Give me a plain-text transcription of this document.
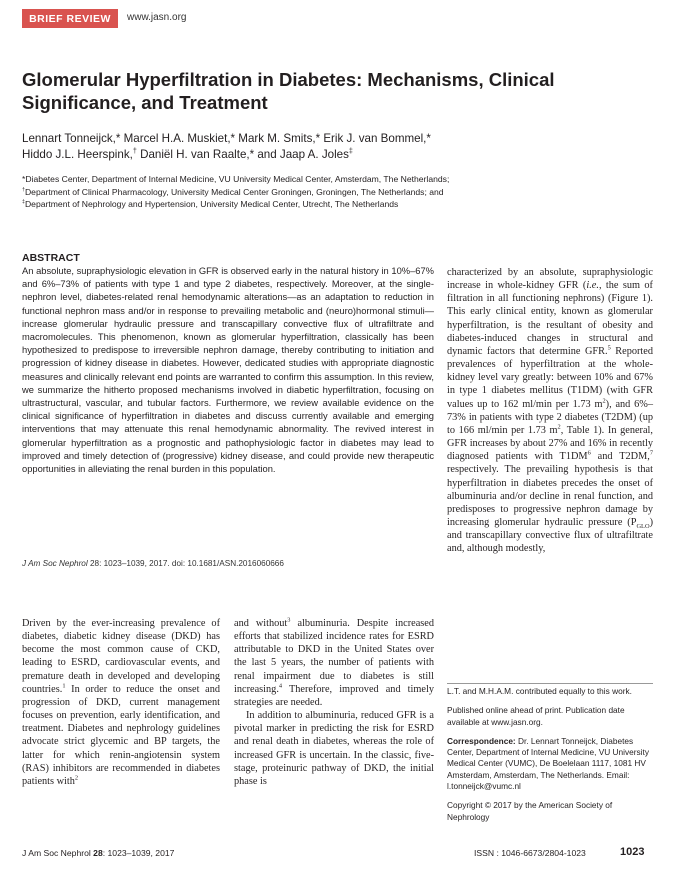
BRIEF REVIEW	www.jasn.org
Glomerular Hyperfiltration in Diabetes: Mechanisms, Clinical Significance, and Treatment
Lennart Tonneijck,* Marcel H.A. Muskiet,* Mark M. Smits,* Erik J. van Bommel,*
Hiddo J.L. Heerspink,† Daniël H. van Raalte,* and Jaap A. Joles‡
*Diabetes Center, Department of Internal Medicine, VU University Medical Center, Amsterdam, The Netherlands;
†Department of Clinical Pharmacology, University Medical Center Groningen, Groningen, The Netherlands; and
‡Department of Nephrology and Hypertension, University Medical Center, Utrecht, The Netherlands
ABSTRACT
An absolute, supraphysiologic elevation in GFR is observed early in the natural history in 10%–67% and 6%–73% of patients with type 1 and type 2 diabetes, respectively. Moreover, at the single-nephron level, diabetes-related renal hemodynamic alterations—as an adaptation to reduction in functional nephron mass and/or in response to prevailing metabolic and (neuro)hormonal stimuli—increase glomerular hydraulic pressure and transcapillary convective flux of ultrafiltrate and macromolecules. This phenomenon, known as glomerular hyperfiltration, classically has been hypothesized to predispose to irreversible nephron damage, thereby contributing to initiation and progression of kidney disease in diabetes. However, dedicated studies with appropriate diagnostic measures and clinically relevant end points are warranted to confirm this assumption. In this review, we summarize the hitherto proposed mechanisms involved in diabetic hyperfiltration, focusing on ultrastructural, vascular, and tubular factors. Furthermore, we review available evidence on the clinical significance of hyperfiltration in diabetes and discuss currently available and emerging interventions that may attenuate this renal hemodynamic abnormality. The revived interest in glomerular hyperfiltration as a prognostic and pathophysiologic factor in diabetes may lead to improved and timely detection of (progressive) kidney disease, and could provide new therapeutic opportunities in alleviating the renal burden in this population.
J Am Soc Nephrol 28: 1023–1039, 2017. doi: 10.1681/ASN.2016060666

characterized by an absolute, supraphysiologic increase in whole-kidney GFR (i.e., the sum of filtration in all functioning nephrons) (Figure 1). This early clinical entity, known as glomerular hyperfiltration, is the resultant of obesity and diabetes-induced changes in structural and dynamic factors that determine GFR.$^5$ Reported prevalences of hyperfiltration at the whole-kidney level vary greatly: between 10% and 67% in type 1 diabetes mellitus (T1DM) (with GFR values up to 162 ml/min per 1.73 $m^2$), and 6%–73% in patients with type 2 diabetes (T2DM) (up to 166 ml/min per 1.73 $m^2$, Table 1). In general, GFR increases by about 27% and 16% in recently diagnosed patients with $T1DM^6$ and T2DM,$^7$ respectively. The prevailing hypothesis is that hyperfiltration in diabetes precedes the onset of albuminuria and/or decline in renal function, and predisposes to progressive nephron damage by increasing glomerular hydraulic pressure $(P_{GLO})$ and transcapillary convective flux of ultrafiltrate and, although modestly,

Driven by the ever-increasing prevalence of diabetes, diabetic kidney disease (DKD) has become the most common cause of CKD, leading to ESRD, cardiovascular events, and premature death in developed and developing countries.$^1$ In order to reduce the onset and progression of DKD, current management focuses on prevention, early identification, and treatment. Diabetes and nephrology guidelines advocate strict glycemic and BP targets, the latter for which renin-angiotensin system (RAS) inhibitors are recommended in diabetes patients with$^2$

and without$^3$ albuminuria. Despite increased efforts that stabilized incidence rates for ESRD attributable to DKD in the United States over the last 5 years, the number of patients with renal impairment due to diabetes is still increasing.$^4$ Therefore, improved and timely strategies are needed.

In addition to albuminuria, reduced GFR is a pivotal marker in predicting the risk for ESRD and renal death in diabetes, whereas the role of increased GFR is uncertain. In the classic, five-stage, proteinuric pathway of DKD, the initial phase is

L.T. and M.H.A.M. contributed equally to this work.

Published online ahead of print. Publication date available at www.jasn.org.

Correspondence: Dr. Lennart Tonneijck, Diabetes Center, Department of Internal Medicine, VU University Medical Center (VUMC), De Boelelaan 1117, 1081 HV Amsterdam, Amsterdam, The Netherlands. Email: l.tonneijck@vumc.nl

Copyright © 2017 by the American Society of Nephrology

J Am Soc Nephrol 28: 1023–1039, 2017	ISSN : 1046-6673/2804-1023	1023
